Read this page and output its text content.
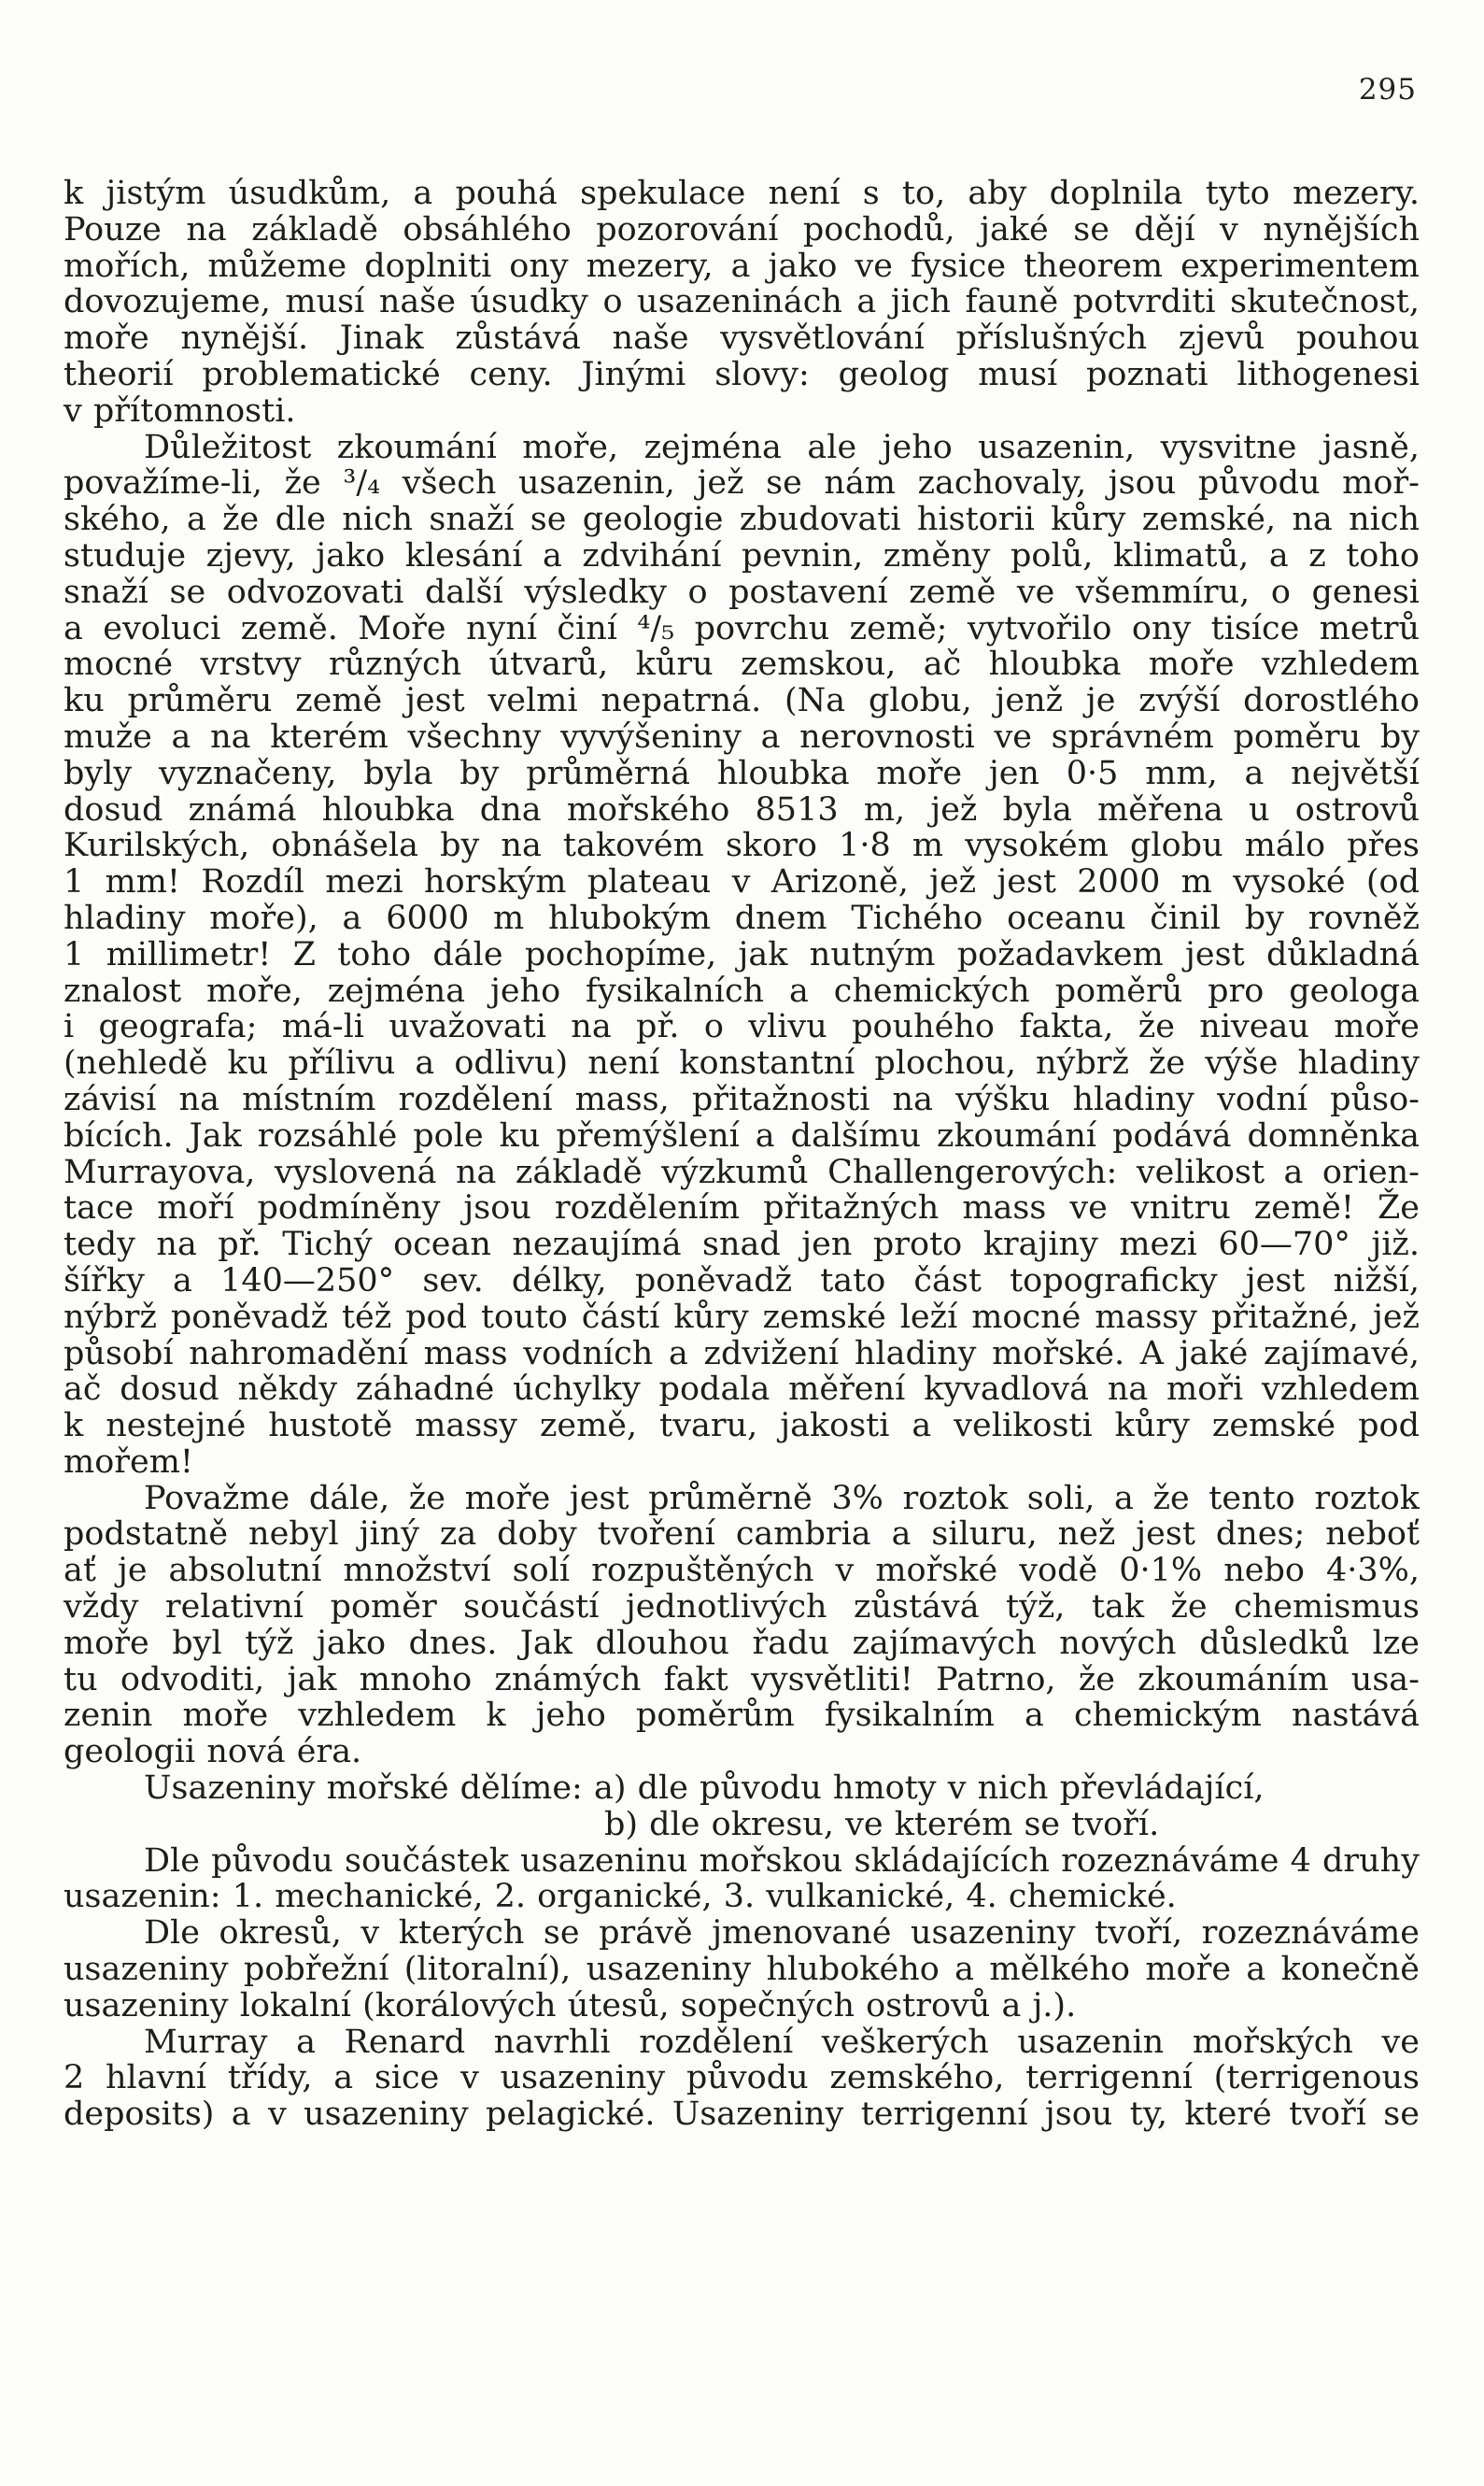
295
k jistým úsudkům, a pouhá spekulace není s to, aby doplnila tyto mezery.
Pouze na základě obsáhlého pozorování pochodů, jaké se dějí v nynějších
mořích, můžeme doplniti ony mezery, a jako ve fysice theorem experimentem
dovozujeme, musí naše úsudky o usazeninách a jich fauně potvrditi skutečnost,
moře nynější. Jinak zůstává naše vysvětlování příslušných zjevů pouhou
theorií problematické ceny. Jinými slovy: geolog musí poznati lithogenesi
v přítomnosti.
Důležitost zkoumání moře, zejména ale jeho usazenin, vysvitne jasně,
považíme-li, že ³/₄ všech usazenin, jež se nám zachovaly, jsou původu moř-
ského, a že dle nich snaží se geologie zbudovati historii kůry zemské, na nich
studuje zjevy, jako klesání a zdvihání pevnin, změny polů, klimatů, a z toho
snaží se odvozovati další výsledky o postavení země ve všemmíru, o genesi
a evoluci země. Moře nyní činí ⁴/₅ povrchu země; vytvořilo ony tisíce metrů
mocné vrstvy různých útvarů, kůru zemskou, ač hloubka moře vzhledem
ku průměru země jest velmi nepatrná. (Na globu, jenž je zvýší dorostlého
muže a na kterém všechny vyvýšeniny a nerovnosti ve správném poměru by
byly vyznačeny, byla by průměrná hloubka moře jen 0·5 mm, a největší
dosud známá hloubka dna mořského 8513 m, jež byla měřena u ostrovů
Kurilských, obnášela by na takovém skoro 1·8 m vysokém globu málo přes
1 mm! Rozdíl mezi horským plateau v Arizoně, jež jest 2000 m vysoké (od
hladiny moře), a 6000 m hlubokým dnem Tichého oceanu činil by rovněž
1 millimetr! Z toho dále pochopíme, jak nutným požadavkem jest důkladná
znalost moře, zejména jeho fysikalních a chemických poměrů pro geologa
i geografa; má-li uvažovati na př. o vlivu pouhého fakta, že niveau moře
(nehledě ku přílivu a odlivu) není konstantní plochou, nýbrž že výše hladiny
závisí na místním rozdělení mass, přitažnosti na výšku hladiny vodní půso-
bících. Jak rozsáhlé pole ku přemýšlení a dalšímu zkoumání podává domněnka
Murrayova, vyslovená na základě výzkumů Challengerových: velikost a orien-
tace moří podmíněny jsou rozdělením přitažných mass ve vnitru země! Že
tedy na př. Tichý ocean nezaujímá snad jen proto krajiny mezi 60—70° již.
šířky a 140—250° sev. délky, poněvadž tato část topograficky jest nižší,
nýbrž poněvadž též pod touto částí kůry zemské leží mocné massy přitažné, jež
působí nahromadění mass vodních a zdvižení hladiny mořské. A jaké zajímavé,
ač dosud někdy záhadné úchylky podala měření kyvadlová na moři vzhledem
k nestejné hustotě massy země, tvaru, jakosti a velikosti kůry zemské pod
mořem!
Považme dále, že moře jest průměrně 3% roztok soli, a že tento roztok
podstatně nebyl jiný za doby tvoření cambria a siluru, než jest dnes; neboť
ať je absolutní množství solí rozpuštěných v mořské vodě 0·1% nebo 4·3%,
vždy relativní poměr součástí jednotlivých zůstává týž, tak že chemismus
moře byl týž jako dnes. Jak dlouhou řadu zajímavých nových důsledků lze
tu odvoditi, jak mnoho známých fakt vysvětliti! Patrno, že zkoumáním usa-
zenin moře vzhledem k jeho poměrům fysikalním a chemickým nastává
geologii nová éra.
Usazeniny mořské dělíme: a) dle původu hmoty v nich převládající,
b) dle okresu, ve kterém se tvoří.
Dle původu součástek usazeninu mořskou skládajících rozeznáváme 4 druhy
usazenin: 1. mechanické, 2. organické, 3. vulkanické, 4. chemické.
Dle okresů, v kterých se právě jmenované usazeniny tvoří, rozeznáváme
usazeniny pobřežní (litoralní), usazeniny hlubokého a mělkého moře a konečně
usazeniny lokalní (korálových útesů, sopečných ostrovů a j.).
Murray a Renard navrhli rozdělení veškerých usazenin mořských ve
2 hlavní třídy, a sice v usazeniny původu zemského, terrigenní (terrigenous
deposits) a v usazeniny pelagické. Usazeniny terrigenní jsou ty, které tvoří se
